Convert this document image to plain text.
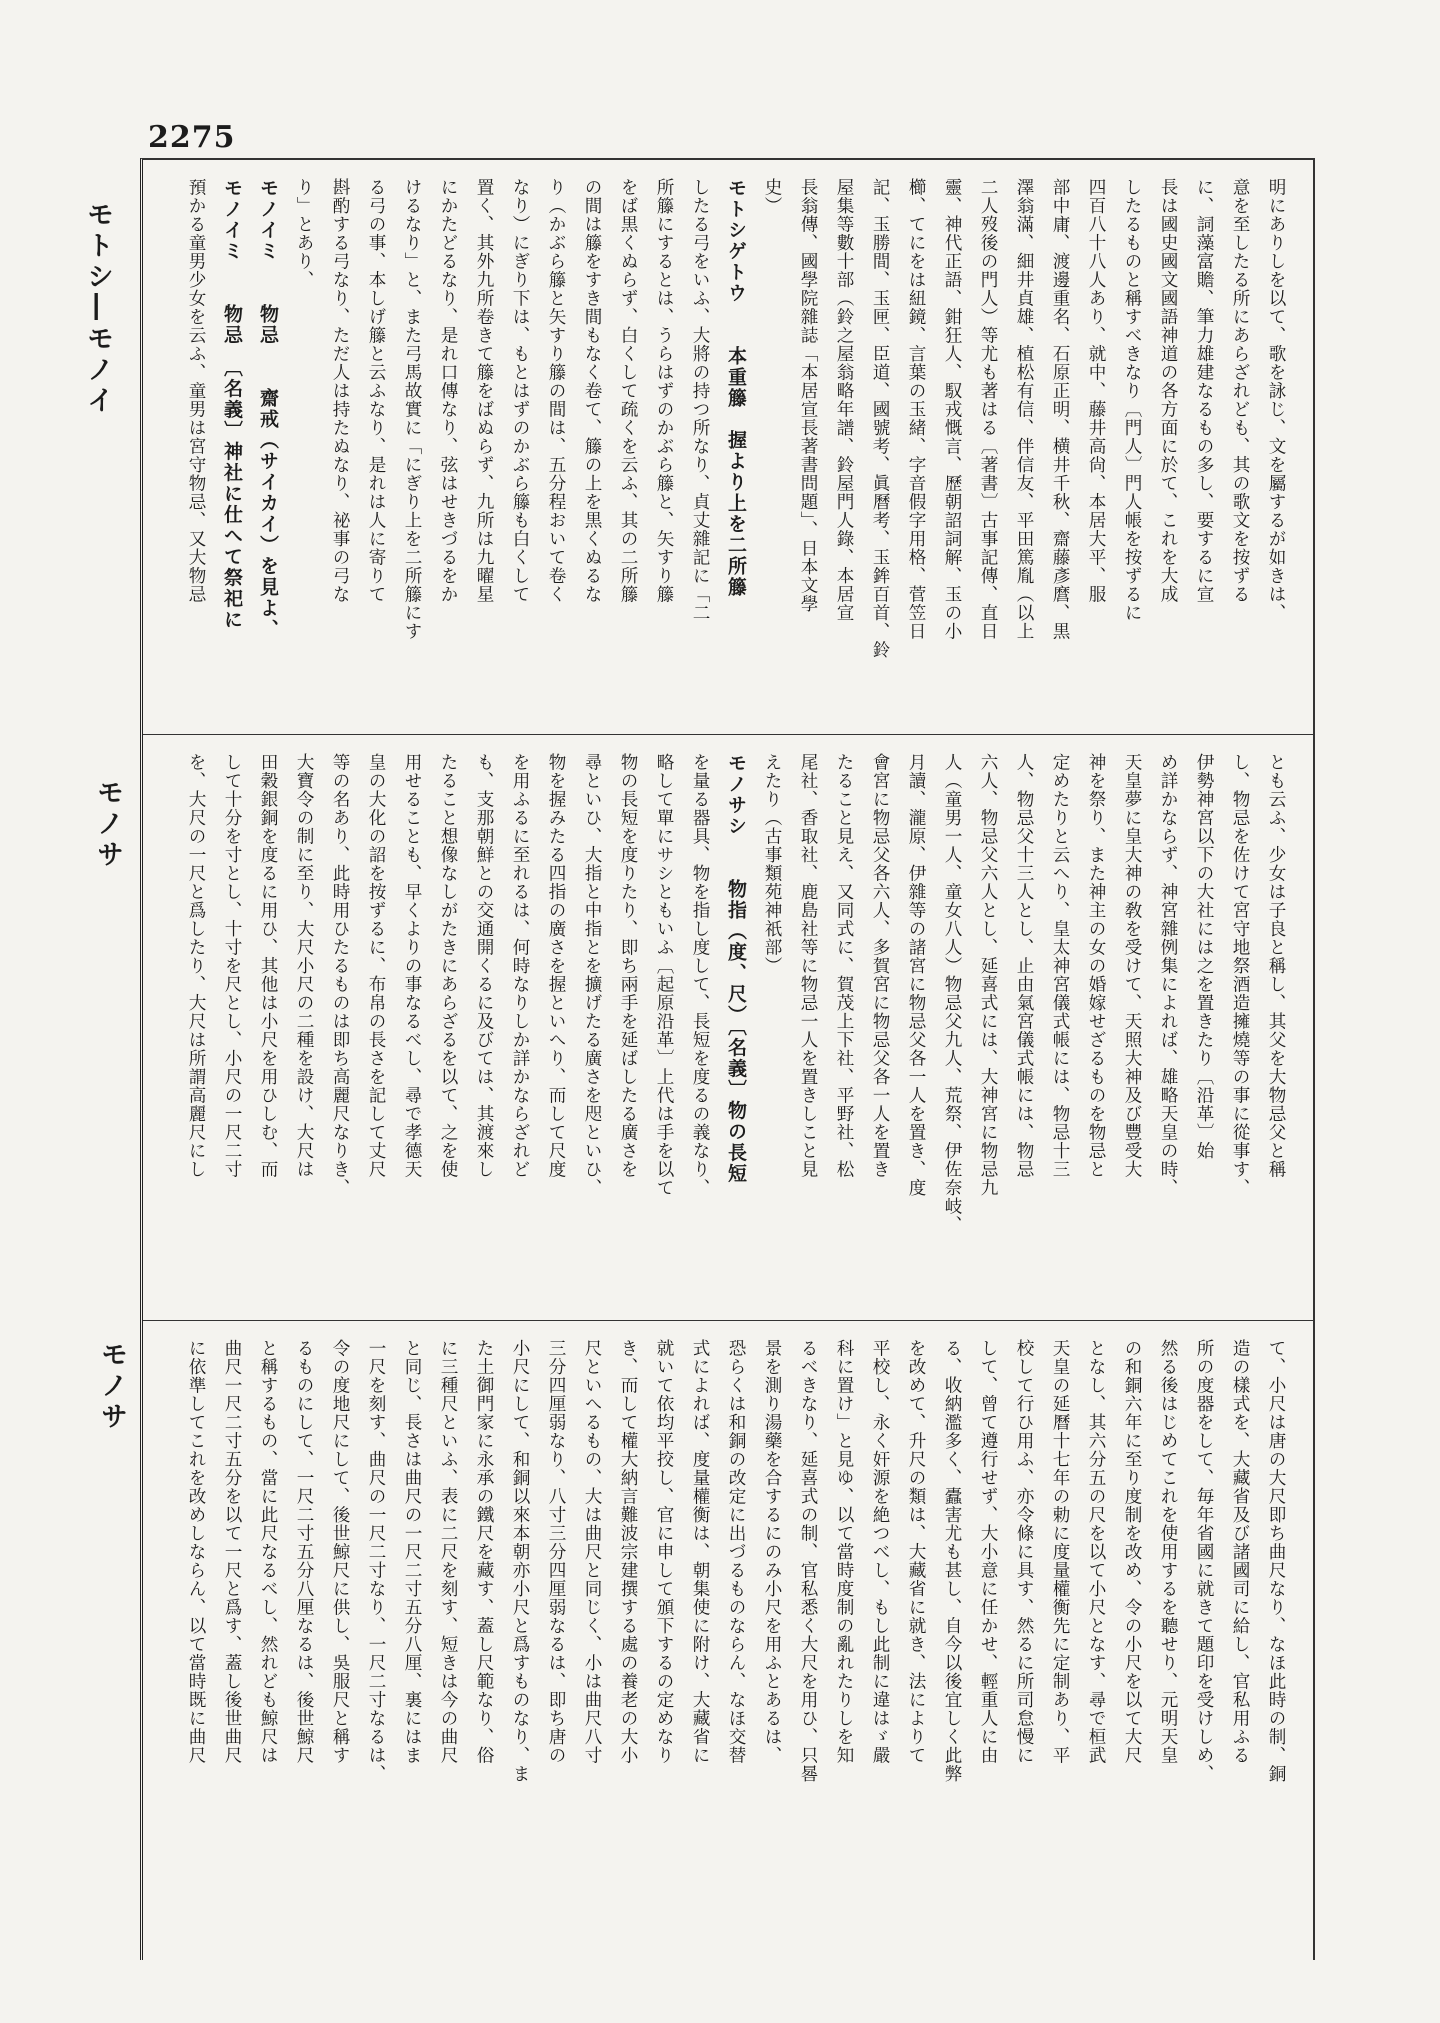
2275
モトシ―モノイ
モノサ
モノサ
明にありしを以て、歌を詠じ、文を屬するが如きは、
意を至したる所にあらざれども、其の歌文を按ずる
に、詞藻富贍、筆力雄建なるもの多し、要するに宣
長は國史國文國語神道の各方面に於て、これを大成
したるものと稱すべきなり〔門人〕門人帳を按ずるに
四百八十八人あり、就中、藤井高尙、本居大平、服
部中庸、渡邊重名、石原正明、横井千秋、齋藤彥麿、黒
澤翁滿、細井貞雄、植松有信、伴信友、平田篤胤（以上
二人歿後の門人）等尤も著はる〔著書〕古事記傳、直日
靈、神代正語、鉗狂人、馭戎慨言、歷朝詔詞解、玉の小
櫛、てにをは紐鏡、言葉の玉緒、字音假字用格、菅笠日
記、玉勝間、玉匣、臣道、國號考、眞曆考、玉鉾百首、鈴
屋集等數十部（鈴之屋翁略年譜、鈴屋門人錄、本居宣
長翁傳、國學院雜誌「本居宣長著書問題」、日本文學
史）
モトシゲトウ　　本重籐　握より上を二所籐
したる弓をいふ、大將の持つ所なり、貞丈雜記に「二
所籐にするとは、うらはずのかぶら籐と、矢すり籐
をば黒くぬらず、白くして疏くを云ふ、其の二所籐
の間は籐をすき間もなく卷て、籐の上を黒くぬるな
り（かぶら籐と矢すり籐の間は、五分程おいて卷く
なり）にぎり下は、もとはずのかぶら籐も白くして
置く、其外九所卷きて籐をばぬらず、九所は九曜星
にかたどるなり、是れ口傳なり、弦はせきづるをか
けるなり」と、また弓馬故實に「にぎり上を二所籐にす
る弓の事、本しげ籐と云ふなり、是れは人に寄りて
斟酌する弓なり、ただ人は持たぬなり、祕事の弓な
り」とあり、
モノイミ　　物忌　　齋戒（サイカイ）を見よ、
モノイミ　　物忌　〔名義〕神社に仕へて祭祀に
預かる童男少女を云ふ、童男は宮守物忌、又大物忌
とも云ふ、少女は子良と稱し、其父を大物忌父と稱
し、物忌を佐けて宮守地祭酒造擁燒等の事に從事す、
伊勢神宮以下の大社には之を置きたり〔沿革〕始
め詳かならず、神宮雜例集によれば、雄略天皇の時、
天皇夢に皇大神の敎を受けて、天照大神及び豐受大
神を祭り、また神主の女の婚嫁せざるものを物忌と
定めたりと云へり、皇太神宮儀式帳には、物忌十三
人、物忌父十三人とし、止由氣宮儀式帳には、物忌
六人、物忌父六人とし、延喜式には、大神宮に物忌九
人（童男一人、童女八人）物忌父九人、荒祭、伊佐奈岐、
月讀、瀧原、伊雜等の諸宮に物忌父各一人を置き、度
會宮に物忌父各六人、多賀宮に物忌父各一人を置き
たること見え、又同式に、賀茂上下社、平野社、松
尾社、香取社、鹿島社等に物忌一人を置きしこと見
えたり（古事類苑神祇部）
モノサシ　　物指（度、尺）〔名義〕物の長短
を量る器具、物を指し度して、長短を度るの義なり、
略して單にサシともいふ〔起原沿革〕上代は手を以て
物の長短を度りたり、即ち兩手を延ばしたる廣さを
尋といひ、大指と中指とを擴げたる廣さを咫といひ、
物を握みたる四指の廣さを握といへり、而して尺度
を用ふるに至れるは、何時なりしか詳かならざれど
も、支那朝鮮との交通開くるに及びては、其渡來し
たること想像なしがたきにあらざるを以て、之を使
用せることも、早くよりの事なるべし、尋で孝德天
皇の大化の詔を按ずるに、布帛の長さを記して丈尺
等の名あり、此時用ひたるものは即ち高麗尺なりき、
大寶令の制に至り、大尺小尺の二種を設け、大尺は
田穀銀銅を度るに用ひ、其他は小尺を用ひしむ、而
して十分を寸とし、十寸を尺とし、小尺の一尺二寸
を、大尺の一尺と爲したり、大尺は所謂高麗尺にし
て、小尺は唐の大尺即ち曲尺なり、なほ此時の制、銅
造の樣式を、大藏省及び諸國司に給し、官私用ふる
所の度器をして、毎年省國に就きて題印を受けしめ、
然る後はじめてこれを使用するを聽せり、元明天皇
の和銅六年に至り度制を改め、令の小尺を以て大尺
となし、其六分五の尺を以て小尺となす、尋で桓武
天皇の延曆十七年の勅に度量權衡先に定制あり、平
校して行ひ用ふ、亦令條に具す、然るに所司怠慢に
して、曾て遵行せず、大小意に任かせ、輕重人に由
る、收納濫多く、蠹害尤も甚し、自今以後宜しく此弊
を改めて、升尺の類は、大藏省に就き、法によりて
平校し、永く奸源を絶つべし、もし此制に違はゞ嚴
科に置け」と見ゆ、以て當時度制の亂れたりしを知
るべきなり、延喜式の制、官私悉く大尺を用ひ、只晷
景を測り湯藥を合するにのみ小尺を用ふとあるは、
恐らくは和銅の改定に出づるものならん、なほ交替
式によれば、度量權衡は、朝集使に附け、大藏省に
就いて依均平挍し、官に申して頒下するの定めなり
き、而して權大納言難波宗建撰する處の養老の大小
尺といへるもの、大は曲尺と同じく、小は曲尺八寸
三分四厘弱なり、八寸三分四厘弱なるは、即ち唐の
小尺にして、和銅以來本朝亦小尺と爲すものなり、ま
た土御門家に永承の鐵尺を藏す、蓋し尺範なり、俗
に三種尺といふ、表に二尺を刻す、短きは今の曲尺
と同じ、長さは曲尺の一尺二寸五分八厘、裏にはま
一尺を刻す、曲尺の一尺二寸なり、一尺二寸なるは、
令の度地尺にして、後世鯨尺に供し、吳服尺と稱す
るものにして、一尺二寸五分八厘なるは、後世鯨尺
と稱するもの、當に此尺なるべし、然れども鯨尺は
曲尺一尺二寸五分を以て一尺と爲す、蓋し後世曲尺
に依準してこれを改めしならん、以て當時既に曲尺
